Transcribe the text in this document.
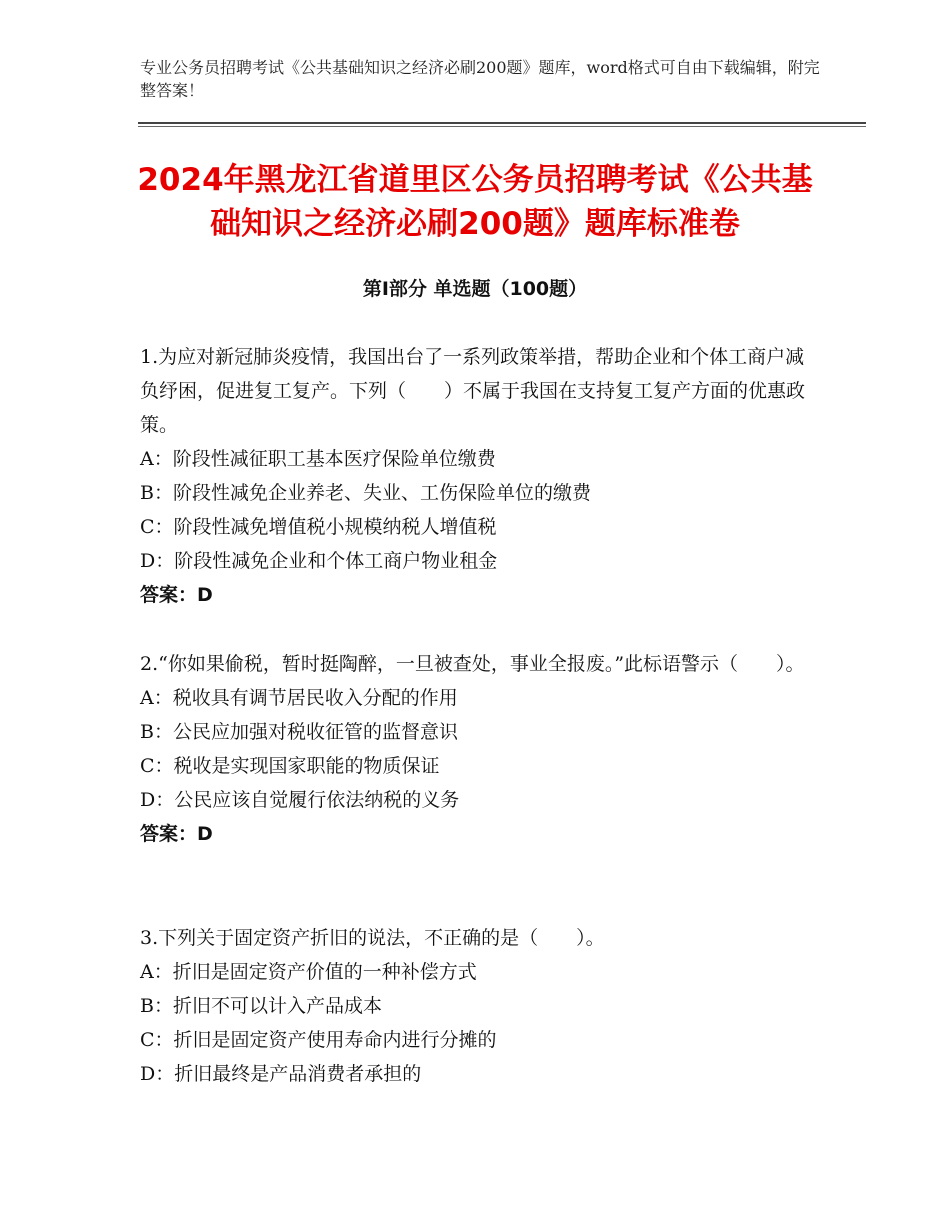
专业公务员招聘考试《公共基础知识之经济必刷200题》题库，word格式可自由下载编辑，附完整答案！
2024年黑龙江省道里区公务员招聘考试《公共基础知识之经济必刷200题》题库标准卷
第Ⅰ部分 单选题（100题）

1.为应对新冠肺炎疫情，我国出台了一系列政策举措，帮助企业和个体工商户减负纾困，促进复工复产。下列（　　）不属于我国在支持复工复产方面的优惠政策。

A：阶段性减征职工基本医疗保险单位缴费

B：阶段性减免企业养老、失业、工伤保险单位的缴费

C：阶段性减免增值税小规模纳税人增值税

D：阶段性减免企业和个体工商户物业租金

答案：D

2.“你如果偷税，暂时挺陶醉，一旦被查处，事业全报废。”此标语警示（　　）。

A：税收具有调节居民收入分配的作用

B：公民应加强对税收征管的监督意识

C：税收是实现国家职能的物质保证

D：公民应该自觉履行依法纳税的义务

答案：D

3.下列关于固定资产折旧的说法，不正确的是（　　）。

A：折旧是固定资产价值的一种补偿方式

B：折旧不可以计入产品成本

C：折旧是固定资产使用寿命内进行分摊的

D：折旧最终是产品消费者承担的
